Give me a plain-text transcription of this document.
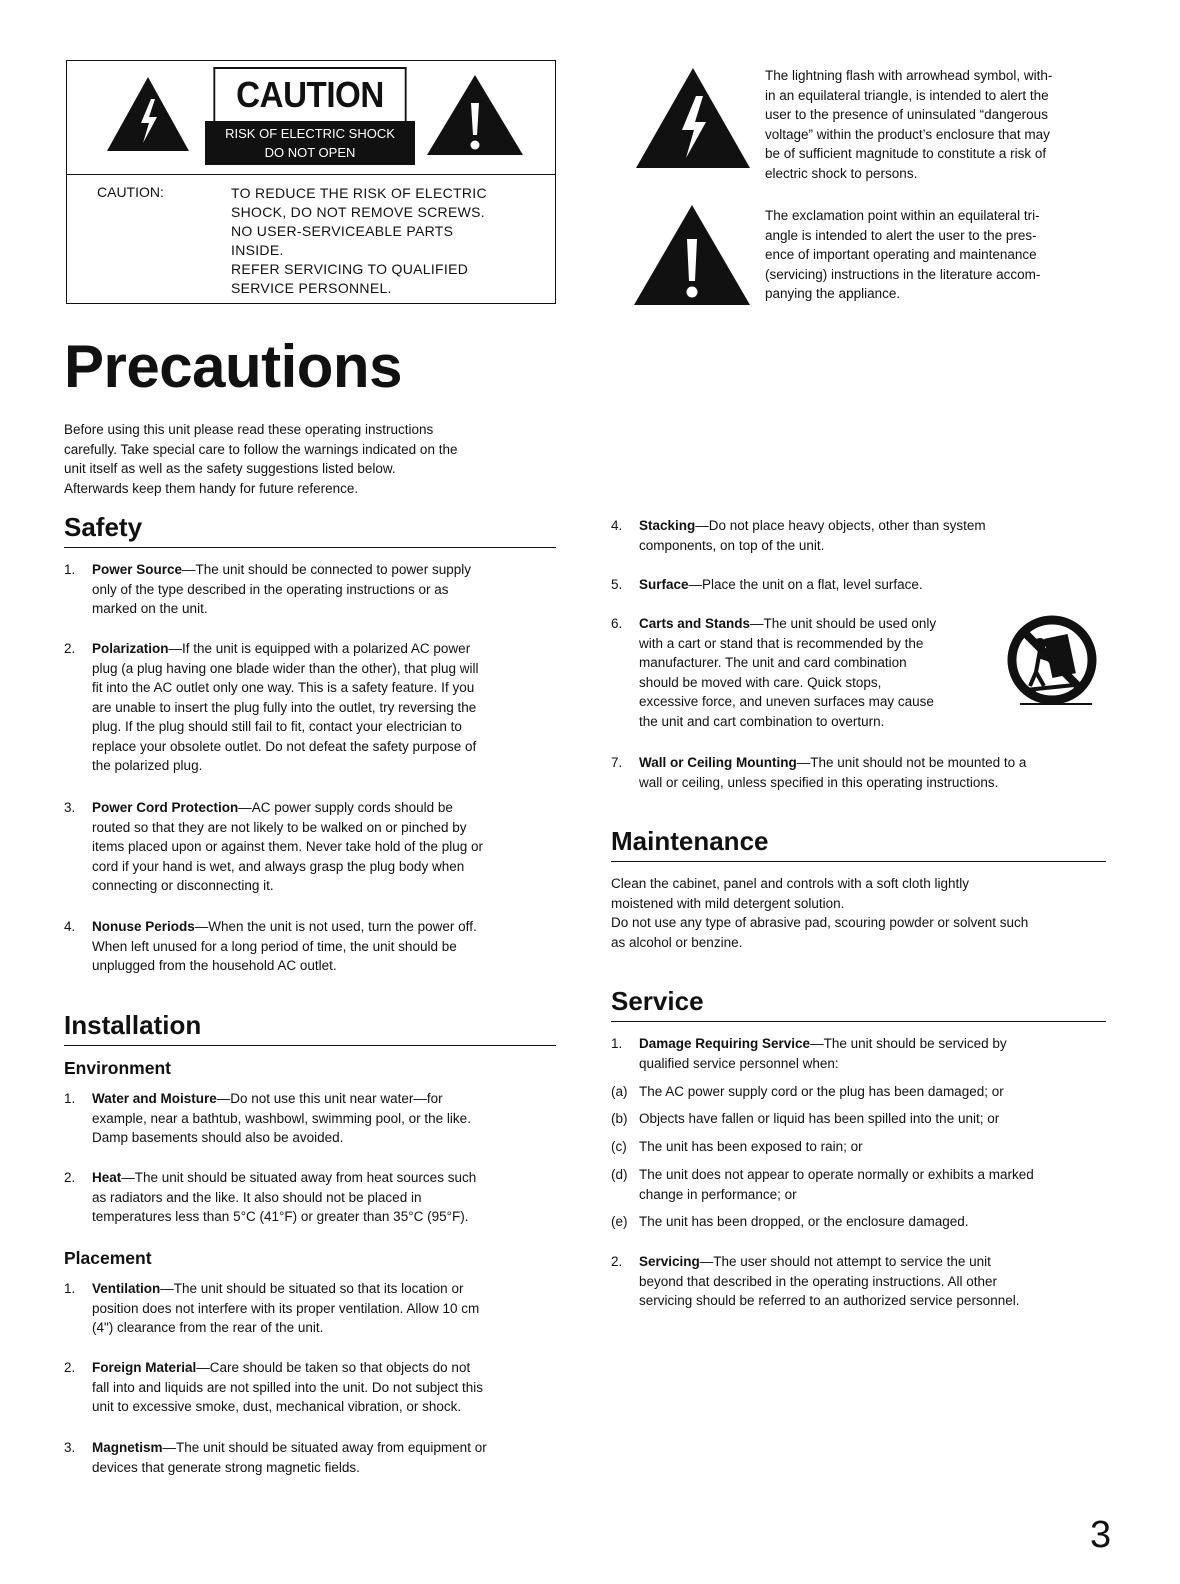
CAUTION
RISK OF ELECTRIC SHOCK
DO NOT OPEN
CAUTION:	TO REDUCE THE RISK OF ELECTRIC
SHOCK, DO NOT REMOVE SCREWS.
NO USER-SERVICEABLE PARTS
INSIDE.
REFER SERVICING TO QUALIFIED
SERVICE PERSONNEL.
The lightning flash with arrowhead symbol, with-
in an equilateral triangle, is intended to alert the
user to the presence of uninsulated “dangerous
voltage” within the product’s enclosure that may
be of sufficient magnitude to constitute a risk of
electric shock to persons.
The exclamation point within an equilateral tri-
angle is intended to alert the user to the pres-
ence of important operating and maintenance
(servicing) instructions in the literature accom-
panying the appliance.
Precautions
Before using this unit please read these operating instructions
carefully. Take special care to follow the warnings indicated on the
unit itself as well as the safety suggestions listed below.
Afterwards keep them handy for future reference.
Safety
1. Power Source—The unit should be connected to power supply
only of the type described in the operating instructions or as
marked on the unit.
2. Polarization—If the unit is equipped with a polarized AC power
plug (a plug having one blade wider than the other), that plug will
fit into the AC outlet only one way. This is a safety feature. If you
are unable to insert the plug fully into the outlet, try reversing the
plug. If the plug should still fail to fit, contact your electrician to
replace your obsolete outlet. Do not defeat the safety purpose of
the polarized plug.
3. Power Cord Protection—AC power supply cords should be
routed so that they are not likely to be walked on or pinched by
items placed upon or against them. Never take hold of the plug or
cord if your hand is wet, and always grasp the plug body when
connecting or disconnecting it.
4. Nonuse Periods—When the unit is not used, turn the power off.
When left unused for a long period of time, the unit should be
unplugged from the household AC outlet.
Installation
Environment
1. Water and Moisture—Do not use this unit near water—for
example, near a bathtub, washbowl, swimming pool, or the like.
Damp basements should also be avoided.
2. Heat—The unit should be situated away from heat sources such
as radiators and the like. It also should not be placed in
temperatures less than 5°C (41°F) or greater than 35°C (95°F).
Placement
1. Ventilation—The unit should be situated so that its location or
position does not interfere with its proper ventilation. Allow 10 cm
(4") clearance from the rear of the unit.
2. Foreign Material—Care should be taken so that objects do not
fall into and liquids are not spilled into the unit. Do not subject this
unit to excessive smoke, dust, mechanical vibration, or shock.
3. Magnetism—The unit should be situated away from equipment or
devices that generate strong magnetic fields.
4. Stacking—Do not place heavy objects, other than system
components, on top of the unit.
5. Surface—Place the unit on a flat, level surface.
6. Carts and Stands—The unit should be used only
with a cart or stand that is recommended by the
manufacturer. The unit and card combination
should be moved with care. Quick stops,
excessive force, and uneven surfaces may cause
the unit and cart combination to overturn.
7. Wall or Ceiling Mounting—The unit should not be mounted to a
wall or ceiling, unless specified in this operating instructions.
Maintenance
Clean the cabinet, panel and controls with a soft cloth lightly
moistened with mild detergent solution.
Do not use any type of abrasive pad, scouring powder or solvent such
as alcohol or benzine.
Service
1. Damage Requiring Service—The unit should be serviced by
qualified service personnel when:
(a) The AC power supply cord or the plug has been damaged; or
(b) Objects have fallen or liquid has been spilled into the unit; or
(c) The unit has been exposed to rain; or
(d) The unit does not appear to operate normally or exhibits a marked
change in performance; or
(e) The unit has been dropped, or the enclosure damaged.
2. Servicing—The user should not attempt to service the unit
beyond that described in the operating instructions. All other
servicing should be referred to an authorized service personnel.
3
